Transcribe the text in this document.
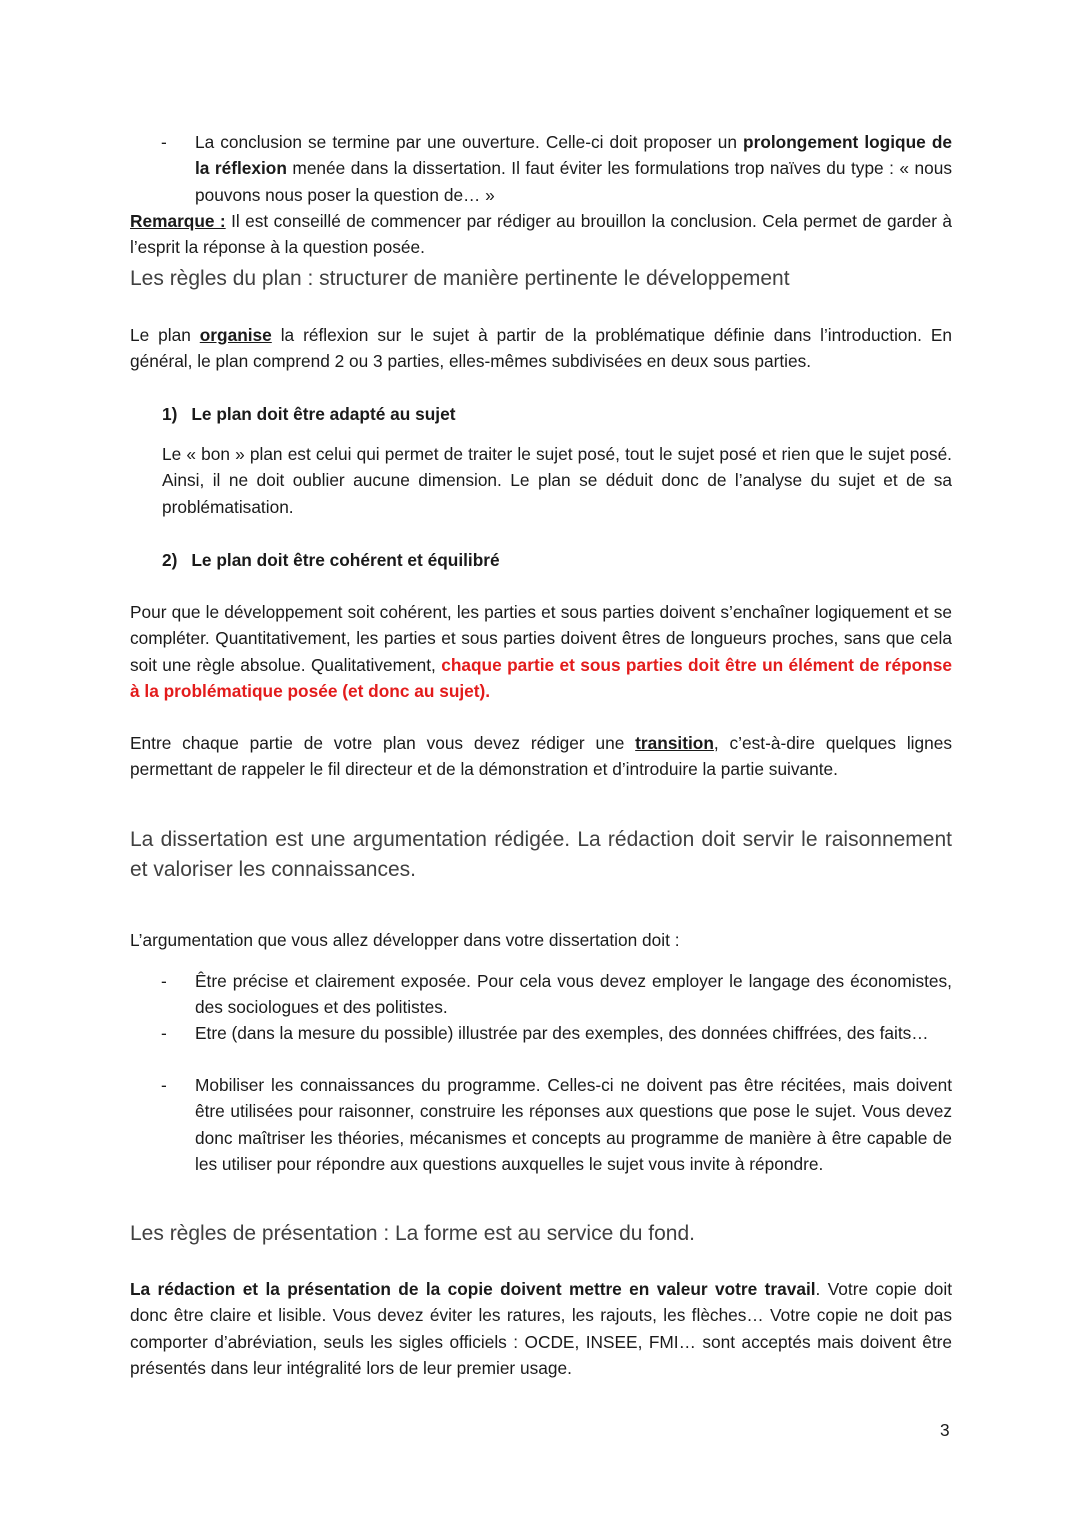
- La conclusion se termine par une ouverture. Celle-ci doit proposer un prolongement logique de la réflexion menée dans la dissertation. Il faut éviter les formulations trop naïves du type : « nous pouvons nous poser la question de… »
Remarque : Il est conseillé de commencer par rédiger au brouillon la conclusion. Cela permet de garder à l’esprit la réponse à la question posée.
Les règles du plan : structurer de manière pertinente le développement
Le plan organise la réflexion sur le sujet à partir de la problématique définie dans l’introduction. En général, le plan comprend 2 ou 3 parties, elles-mêmes subdivisées en deux sous parties.
1) Le plan doit être adapté au sujet
Le « bon » plan est celui qui permet de traiter le sujet posé, tout le sujet posé et rien que le sujet posé. Ainsi, il ne doit oublier aucune dimension. Le plan se déduit donc de l’analyse du sujet et de sa problématisation.
2) Le plan doit être cohérent et équilibré
Pour que le développement soit cohérent, les parties et sous parties doivent s’enchaîner logiquement et se compléter. Quantitativement, les parties et sous parties doivent êtres de longueurs proches, sans que cela soit une règle absolue. Qualitativement, chaque partie et sous parties doit être un élément de réponse à la problématique posée (et donc au sujet).
Entre chaque partie de votre plan vous devez rédiger une transition, c’est-à-dire quelques lignes permettant de rappeler le fil directeur et de la démonstration et d’introduire la partie suivante.
La dissertation est une argumentation rédigée. La rédaction doit servir le raisonnement et valoriser les connaissances.
L’argumentation que vous allez développer dans votre dissertation doit :
- Être précise et clairement exposée. Pour cela vous devez employer le langage des économistes, des sociologues et des politistes.
- Etre (dans la mesure du possible) illustrée par des exemples, des données chiffrées, des faits…
- Mobiliser les connaissances du programme. Celles-ci ne doivent pas être récitées, mais doivent être utilisées pour raisonner, construire les réponses aux questions que pose le sujet. Vous devez donc maîtriser les théories, mécanismes et concepts au programme de manière à être capable de les utiliser pour répondre aux questions auxquelles le sujet vous invite à répondre.
Les règles de présentation : La forme est au service du fond.
La rédaction et la présentation de la copie doivent mettre en valeur votre travail. Votre copie doit donc être claire et lisible. Vous devez éviter les ratures, les rajouts, les flèches… Votre copie ne doit pas comporter d’abréviation, seuls les sigles officiels : OCDE, INSEE, FMI… sont acceptés mais doivent être présentés dans leur intégralité lors de leur premier usage.
3
